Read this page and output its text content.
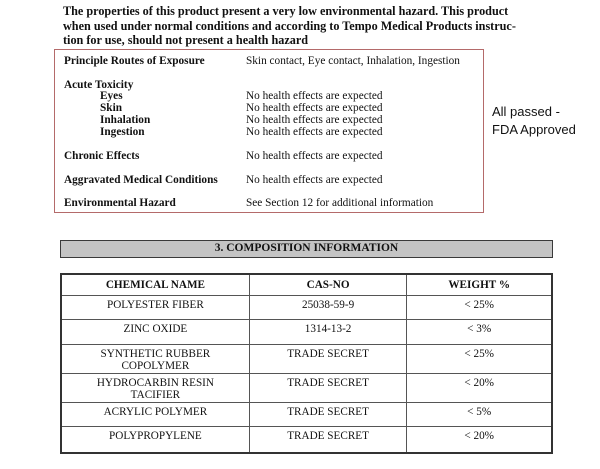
The properties of this product present a very low environmental hazard. This product
when used under normal conditions and according to Tempo Medical Products instruc-
tion for use, should not present a health hazard
Principle Routes of Exposure	Skin contact, Eye contact, Inhalation, Ingestion
Acute Toxicity
Eyes	No health effects are expected
Skin	No health effects are expected
Inhalation	No health effects are expected
Ingestion	No health effects are expected
Chronic Effects	No health effects are expected
Aggravated Medical Conditions No health effects are expected
Environmental Hazard	See Section 12 for additional information
All passed -
FDA Approved
3. COMPOSITION INFORMATION
CHEMICAL NAME	CAS-NO	WEIGHT %

POLYESTER FIBER	25038-59-9	< 25%

ZINC OXIDE	1314-13-2	< 3%

SYNTHETIC RUBBER
COPOLYMER	TRADE SECRET	< 25%

HYDROCARBIN RESIN
TACIFIER	TRADE SECRET	< 20%

ACRYLIC POLYMER	TRADE SECRET	< 5%

POLYPROPYLENE	TRADE SECRET	< 20%
